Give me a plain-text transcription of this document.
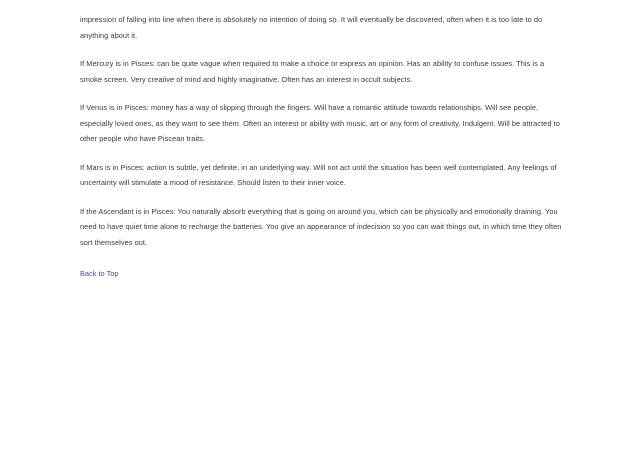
impression of falling into line when there is absolutely no intention of doing so. It will eventually be discovered, often when it is too late to do anything about it.

If Mercury is in Pisces: can be quite vague when required to make a choice or express an opinion. Has an ability to confuse issues. This is a smoke screen. Very creative of mind and highly imaginative. Often has an interest in occult subjects.

If Venus is in Pisces: money has a way of slipping through the fingers. Will have a romantic attitude towards relationships. Will see people, especially loved ones, as they want to see them. Often an interest or ability with music, art or any form of creativity. Indulgent. Will be attracted to other people who have Piscean traits.

If Mars is in Pisces: action is subtle, yet definite, in an underlying way. Will not act until the situation has been well contemplated. Any feelings of uncertainty will stimulate a mood of resistance. Should listen to their inner voice.

If the Ascendant is in Pisces: You naturally absorb everything that is going on around you, which can be physically and emotionally draining. You need to have quiet time alone to recharge the batteries. You give an appearance of indecision so you can wait things out, in which time they often sort themselves out.

Back to Top
